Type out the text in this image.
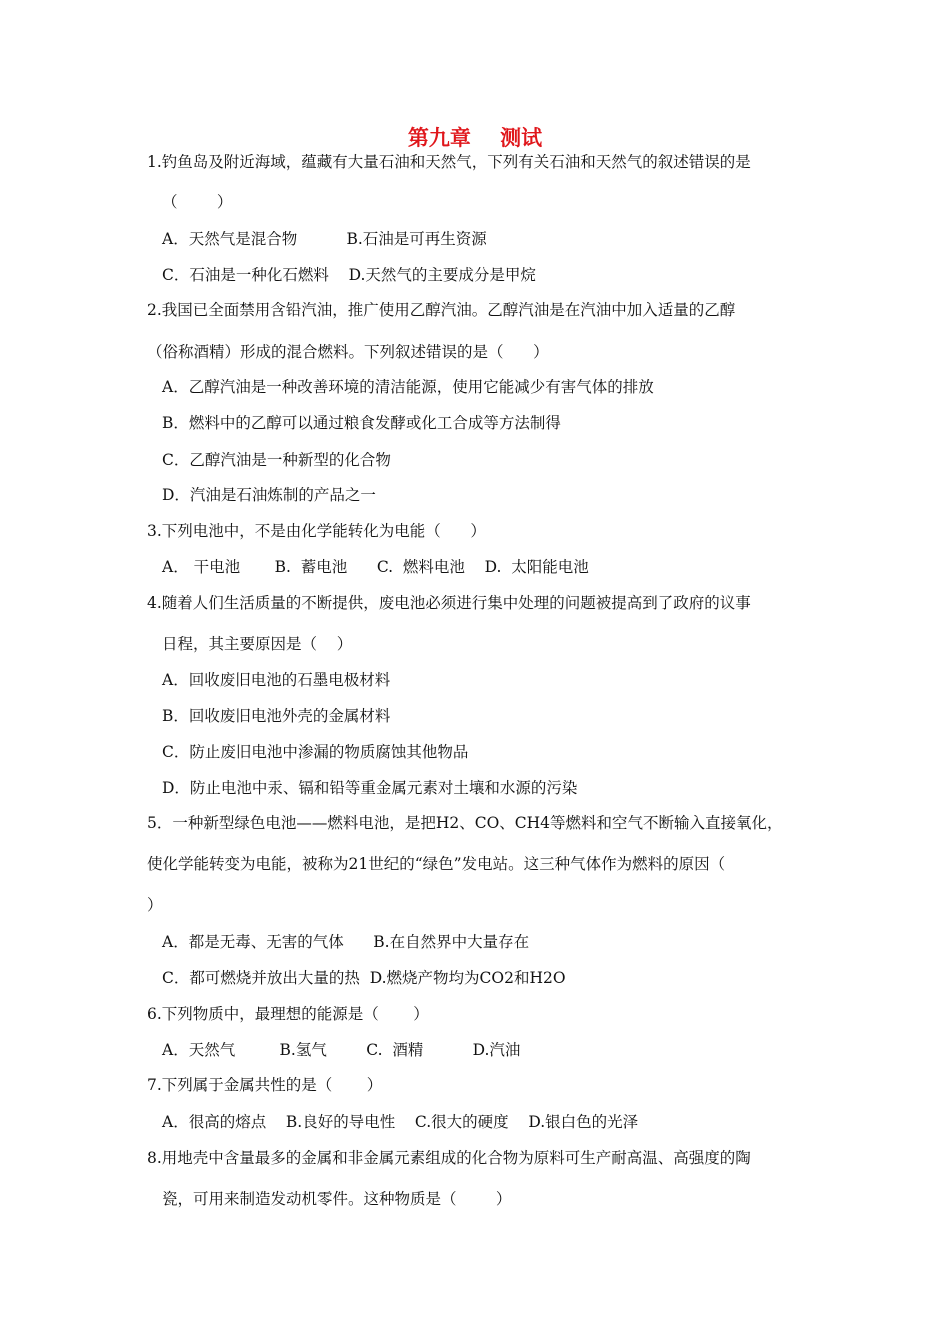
第九章    测试
1.钓鱼岛及附近海域，蕴藏有大量石油和天然气，下列有关石油和天然气的叙述错误的是
（        ）
A．天然气是混合物          B.石油是可再生资源
C．石油是一种化石燃料    D.天然气的主要成分是甲烷
2.我国已全面禁用含铅汽油，推广使用乙醇汽油。乙醇汽油是在汽油中加入适量的乙醇
（俗称酒精）形成的混合燃料。下列叙述错误的是（      ）
A．乙醇汽油是一种改善环境的清洁能源，使用它能减少有害气体的排放
B．燃料中的乙醇可以通过粮食发酵或化工合成等方法制得
C．乙醇汽油是一种新型的化合物
D．汽油是石油炼制的产品之一
3.下列电池中，不是由化学能转化为电能（      ）
A． 干电池       B.  蓄电池      C.  燃料电池    D.  太阳能电池
4.随着人们生活质量的不断提供，废电池必须进行集中处理的问题被提高到了政府的议事
日程，其主要原因是（    ）
A．回收废旧电池的石墨电极材料
B．回收废旧电池外壳的金属材料
C．防止废旧电池中渗漏的物质腐蚀其他物品
D．防止电池中汞、镉和铅等重金属元素对土壤和水源的污染
5．一种新型绿色电池——燃料电池，是把H2、CO、CH4等燃料和空气不断输入直接氧化，
使化学能转变为电能，被称为21世纪的“绿色”发电站。这三种气体作为燃料的原因（
）
A．都是无毒、无害的气体      B.在自然界中大量存在
C．都可燃烧并放出大量的热  D.燃烧产物均为CO2和H2O
6.下列物质中，最理想的能源是（       ）
A．天然气         B.氢气        C.  酒精          D.汽油
7.下列属于金属共性的是（       ）
A．很高的熔点    B.良好的导电性    C.很大的硬度    D.银白色的光泽
8.用地壳中含量最多的金属和非金属元素组成的化合物为原料可生产耐高温、高强度的陶
瓷，可用来制造发动机零件。这种物质是（        ）
